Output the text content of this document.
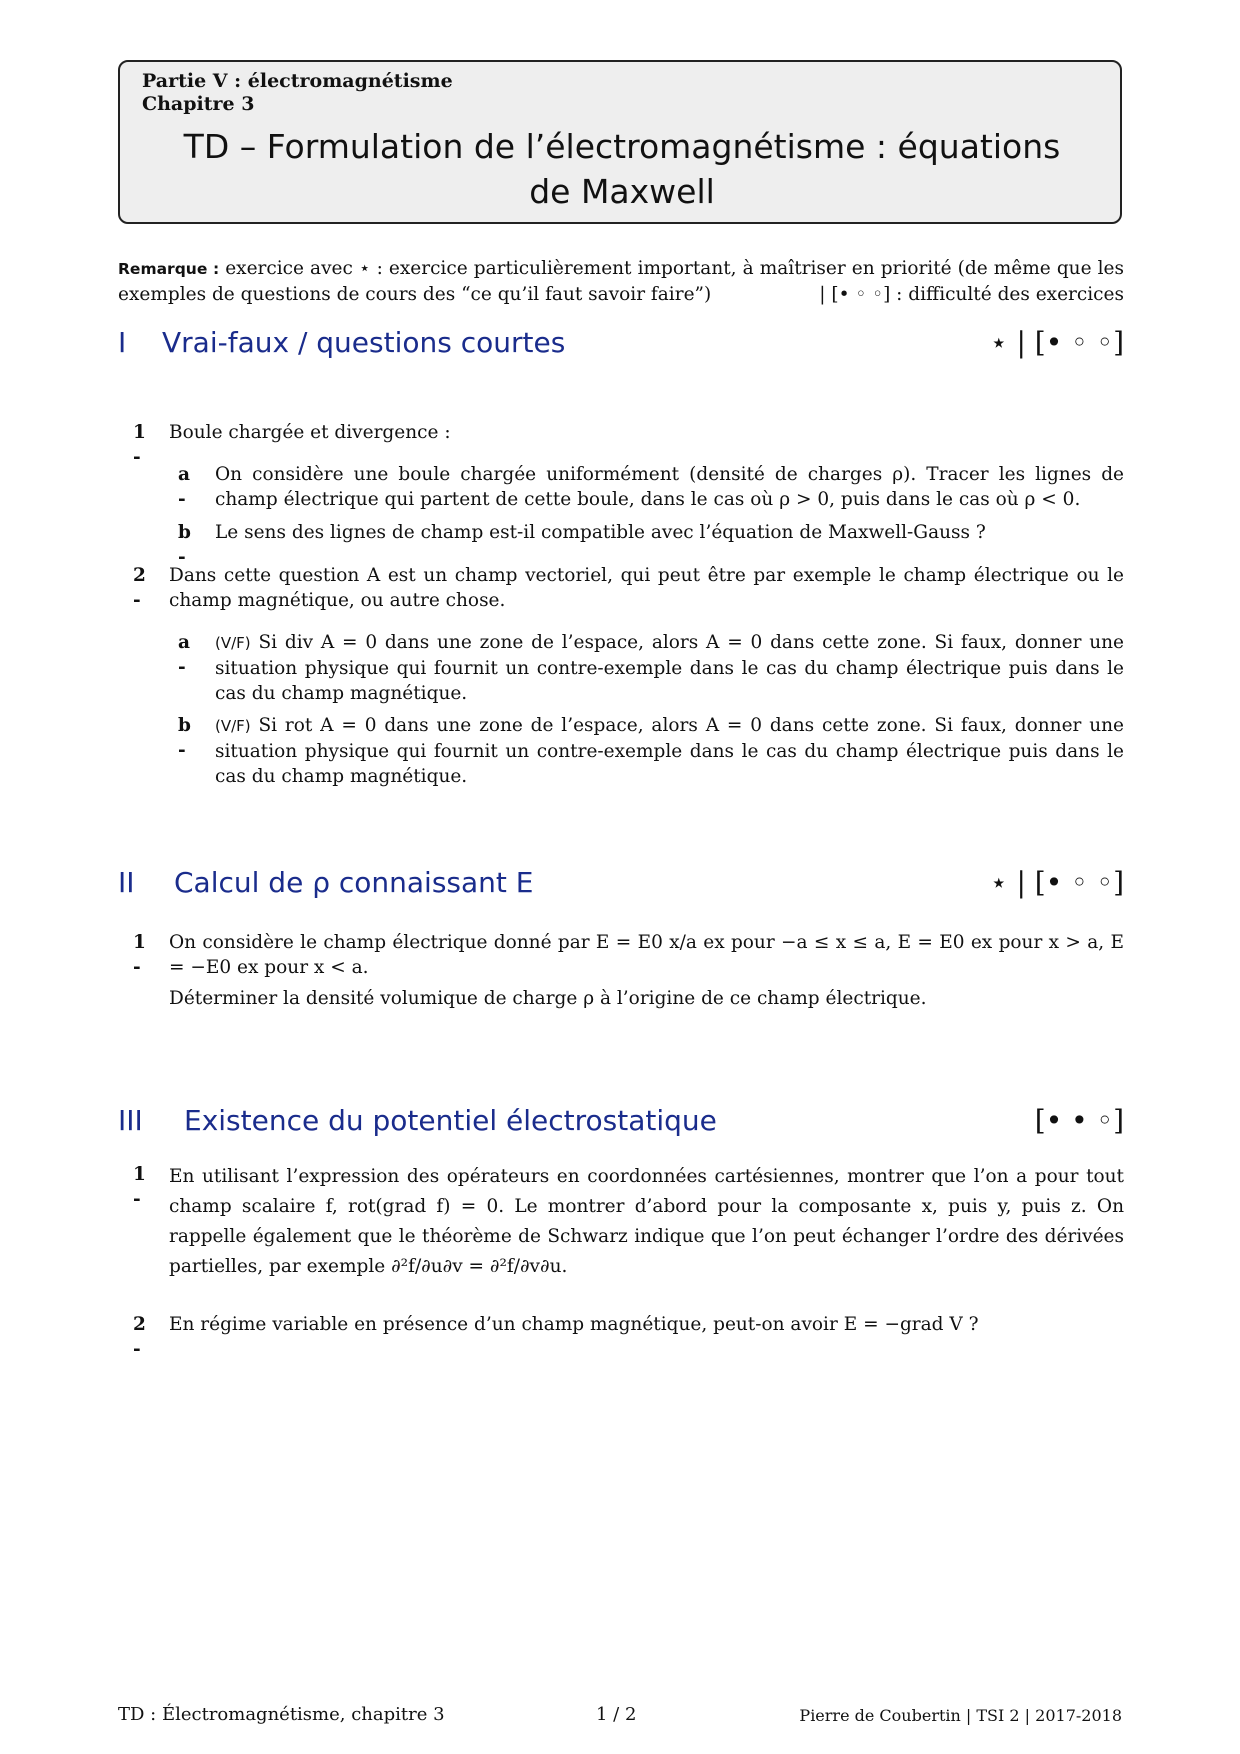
Partie V : électromagnétisme
Chapitre 3
TD – Formulation de l’électromagnétisme : équations
de Maxwell
Remarque : exercice avec ⋆ : exercice particulièrement important, à maîtriser en priorité (de même que les exemples de questions de cours des “ce qu’il faut savoir faire”)	| [• ◦ ◦] : difficulté des exercices
I Vrai-faux / questions courtes	⋆ | [• ◦ ◦]
1 -
Boule chargée et divergence :
a -
On considère une boule chargée uniformément (densité de charges ρ). Tracer les lignes de champ électrique qui partent de cette boule, dans le cas où ρ > 0, puis dans le cas où ρ < 0.
b -
Le sens des lignes de champ est-il compatible avec l’équation de Maxwell-Gauss ?
2 -
Dans cette question A est un champ vectoriel, qui peut être par exemple le champ électrique ou le champ magnétique, ou autre chose.
a -
(V/F) Si div A = 0 dans une zone de l’espace, alors A = 0 dans cette zone. Si faux, donner une situation physique qui fournit un contre-exemple dans le cas du champ électrique puis dans le cas du champ magnétique.
b -
(V/F) Si rot A = 0 dans une zone de l’espace, alors A = 0 dans cette zone. Si faux, donner une situation physique qui fournit un contre-exemple dans le cas du champ électrique puis dans le cas du champ magnétique.
II Calcul de ρ connaissant E	⋆ | [• ◦ ◦]
1 -
On considère le champ électrique donné par E = E0 x/a ex pour −a ≤ x ≤ a, E = E0 ex pour x > a, E = −E0 ex pour x < a.
Déterminer la densité volumique de charge ρ à l’origine de ce champ électrique.
III Existence du potentiel électrostatique	[• • ◦]
1 -
En utilisant l’expression des opérateurs en coordonnées cartésiennes, montrer que l’on a pour tout champ scalaire f, rot(grad f) = 0. Le montrer d’abord pour la composante x, puis y, puis z. On rappelle également que le théorème de Schwarz indique que l’on peut échanger l’ordre des dérivées partielles, par exemple ∂²f/∂u∂v = ∂²f/∂v∂u.
2 -
En régime variable en présence d’un champ magnétique, peut-on avoir E = −grad V ?
TD : Électromagnétisme, chapitre 3	1 / 2	Pierre de Coubertin | TSI 2 | 2017-2018
